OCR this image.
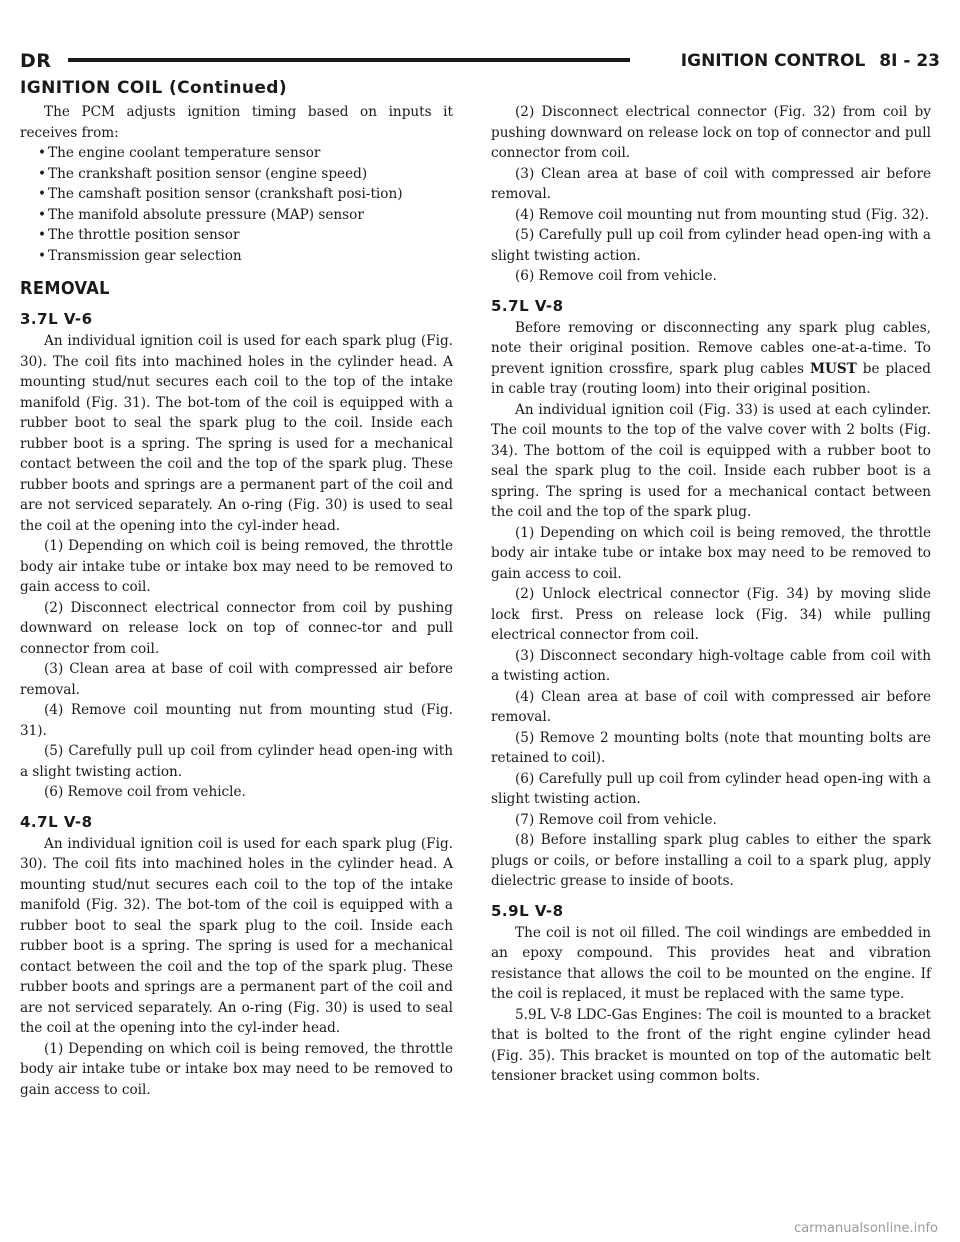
DR	IGNITION CONTROL 8I - 23
IGNITION COIL (Continued)

The PCM adjusts ignition timing based on inputs it receives from:

• The engine coolant temperature sensor
• The crankshaft position sensor (engine speed)
• The camshaft position sensor (crankshaft posi-tion)
• The manifold absolute pressure (MAP) sensor
• The throttle position sensor
• Transmission gear selection
REMOVAL
3.7L V-6

An individual ignition coil is used for each spark plug (Fig. 30). The coil fits into machined holes in the cylinder head. A mounting stud/nut secures each coil to the top of the intake manifold (Fig. 31). The bot-tom of the coil is equipped with a rubber boot to seal the spark plug to the coil. Inside each rubber boot is a spring. The spring is used for a mechanical contact between the coil and the top of the spark plug. These rubber boots and springs are a permanent part of the coil and are not serviced separately. An o-ring (Fig. 30) is used to seal the coil at the opening into the cyl-inder head.

(1) Depending on which coil is being removed, the throttle body air intake tube or intake box may need to be removed to gain access to coil.

(2) Disconnect electrical connector from coil by pushing downward on release lock on top of connec-tor and pull connector from coil.

(3) Clean area at base of coil with compressed air before removal.

(4) Remove coil mounting nut from mounting stud (Fig. 31).

(5) Carefully pull up coil from cylinder head open-ing with a slight twisting action.

(6) Remove coil from vehicle.

4.7L V-8

An individual ignition coil is used for each spark plug (Fig. 30). The coil fits into machined holes in the cylinder head. A mounting stud/nut secures each coil to the top of the intake manifold (Fig. 32). The bot-tom of the coil is equipped with a rubber boot to seal the spark plug to the coil. Inside each rubber boot is a spring. The spring is used for a mechanical contact between the coil and the top of the spark plug. These rubber boots and springs are a permanent part of the coil and are not serviced separately. An o-ring (Fig. 30) is used to seal the coil at the opening into the cyl-inder head.

(1) Depending on which coil is being removed, the throttle body air intake tube or intake box may need to be removed to gain access to coil.

(2) Disconnect electrical connector (Fig. 32) from coil by pushing downward on release lock on top of connector and pull connector from coil.

(3) Clean area at base of coil with compressed air before removal.

(4) Remove coil mounting nut from mounting stud (Fig. 32).

(5) Carefully pull up coil from cylinder head open-ing with a slight twisting action.

(6) Remove coil from vehicle.

5.7L V-8

Before removing or disconnecting any spark plug cables, note their original position. Remove cables one-at-a-time. To prevent ignition crossfire, spark plug cables MUST be placed in cable tray (routing loom) into their original position.

An individual ignition coil (Fig. 33) is used at each cylinder. The coil mounts to the top of the valve cover with 2 bolts (Fig. 34). The bottom of the coil is equipped with a rubber boot to seal the spark plug to the coil. Inside each rubber boot is a spring. The spring is used for a mechanical contact between the coil and the top of the spark plug.

(1) Depending on which coil is being removed, the throttle body air intake tube or intake box may need to be removed to gain access to coil.

(2) Unlock electrical connector (Fig. 34) by moving slide lock first. Press on release lock (Fig. 34) while pulling electrical connector from coil.

(3) Disconnect secondary high-voltage cable from coil with a twisting action.

(4) Clean area at base of coil with compressed air before removal.

(5) Remove 2 mounting bolts (note that mounting bolts are retained to coil).

(6) Carefully pull up coil from cylinder head open-ing with a slight twisting action.

(7) Remove coil from vehicle.

(8) Before installing spark plug cables to either the spark plugs or coils, or before installing a coil to a spark plug, apply dielectric grease to inside of boots.

5.9L V-8

The coil is not oil filled. The coil windings are embedded in an epoxy compound. This provides heat and vibration resistance that allows the coil to be mounted on the engine. If the coil is replaced, it must be replaced with the same type.

5.9L V-8 LDC-Gas Engines: The coil is mounted to a bracket that is bolted to the front of the right engine cylinder head (Fig. 35). This bracket is mounted on top of the automatic belt tensioner bracket using common bolts.

carmanualsonline.info
